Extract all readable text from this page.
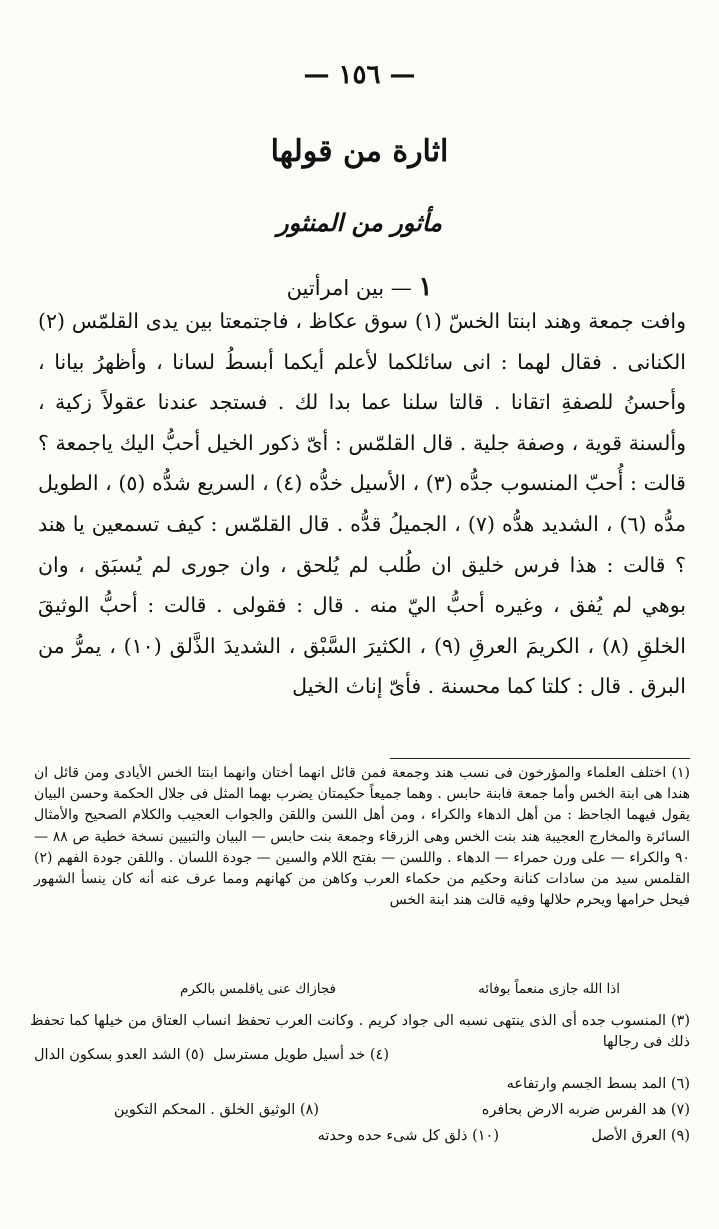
— ١٥٦ —
اثارة من قولها
مأثور من المنثور
١ — بين امرأتين

وافت جمعة وهند ابنتا الخسّ (١) سوق عكاظ ، فاجتمعتا بين يدى القلمّس (٢) الكنانى . فقال لهما : انى سائلكما لأعلم أيكما أبسطُ لسانا ، وأظهرُ بيانا ، وأحسنُ للصفةِ اتقانا . قالتا سلنا عما بدا لك . فستجد عندنا عقولاً زكية ، وألسنة قوية ، وصفة جلية . قال القلمّس : أىّ ذكور الخيل أحبُّ اليك ياجمعة ؟ قالت : أُحبّ المنسوب جدُّه (٣) ، الأسيل خدُّه (٤) ، السريع شدُّه (٥) ، الطويل مدُّه (٦) ، الشديد هدُّه (٧) ، الجميلُ قدُّه . قال القلمّس : كيف تسمعين يا هند ؟ قالت : هذا فرس خليق ان طُلب لم يُلحق ، وان جورى لم يُسبَق ، وان بوهي لم يُفق ، وغيره أحبُّ اليّ منه . قال : فقولى . قالت : أحبُّ الوثيقَ الخلقِ (٨) ، الكريمَ العرقِ (٩) ، الكثيرَ السَّبْق ، الشديدَ الذَّلق (١٠) ، يمرُّ من البرق . قال : كلتا كما محسنة . فأىّ إناث الخيل

(١) اختلف العلماء والمؤرخون فى نسب هند وجمعة فمن قائل انهما أختان وانهما ابنتا الخس الأيادى ومن قائل ان هندا هى ابنة الخس وأما جمعة فابنة حابس . وهما جميعاً حكيمتان يضرب بهما المثل فى جلال الحكمة وحسن البيان يقول فيهما الجاحظ : من أهل الدهاء والكراء ، ومن أهل اللسن واللقن والجواب العجيب والكلام الصحيح والأمثال السائرة والمخارج العجيبة هند بنت الخس وهى الزرقاء وجمعة بنت حابس — البيان والتبيين نسخة خطية ص ٨٨ — ٩٠ والكراء — على ورن حمراء — الدهاء . واللسن — بفتح اللام والسين — جودة اللسان . واللقن جودة الفهم (٢) القلمس سيد من سادات كنانة وحكيم من حكماء العرب وكاهن من كهانهم ومما عرف عنه أنه كان ينسأ الشهور فيحل حرامها ويحرم حلالها وفيه قالت هند ابنة الخس

اذا الله جازى منعماً بوفائه
فجازاك عنى ياقلمس بالكرم
(٣) المنسوب جده أى الذى ينتهى نسبه الى جواد كريم . وكانت العرب تحفظ انساب العتاق من خيلها كما تحفظ ذلك فى رجالها
(٤) خد أسيل طويل مسترسل
(٥) الشد العدو بسكون الدال
(٦) المد بسط الجسم وارتفاعه
(٧) هد الفرس ضربه الارض بحافره
(٨) الوثيق الخلق . المحكم التكوين
(٩) العرق الأصل
(١٠) ذلق كل شىء حده وحدته
